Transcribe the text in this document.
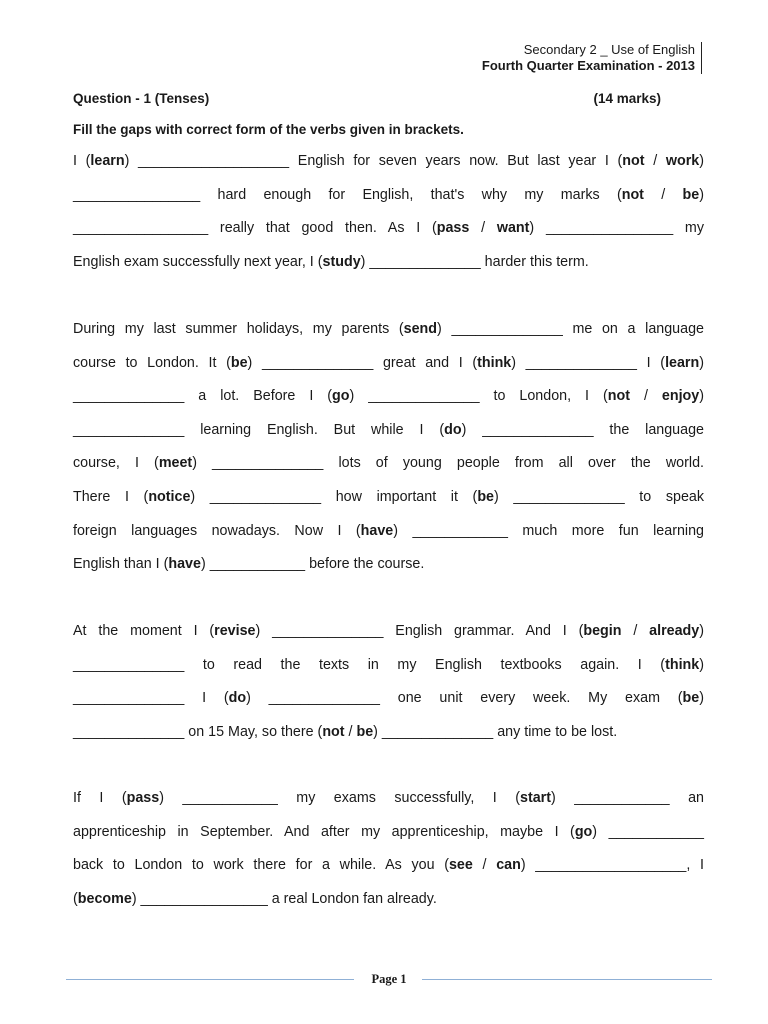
Secondary 2 _ Use of English
Fourth Quarter Examination - 2013
Question - 1 (Tenses)	(14 marks)
Fill the gaps with correct form of the verbs given in brackets.
I (learn) ___________________ English for seven years now. But last year I (not / work)
________________ hard enough for English, that's why my marks (not / be)
_________________ really that good then. As I (pass / want) ________________ my
English exam successfully next year, I (study) ______________ harder this term.
During my last summer holidays, my parents (send) ______________ me on a language
course to London. It (be) ______________ great and I (think) ______________ I (learn)
______________ a lot. Before I (go) ______________ to London, I (not / enjoy)
______________ learning English. But while I (do) ______________ the language
course, I (meet) ______________ lots of young people from all over the world.
There I (notice) ______________ how important it (be) ______________ to speak
foreign languages nowadays. Now I (have) ____________ much more fun learning
English than I (have) ____________ before the course.
At the moment I (revise) ______________ English grammar. And I (begin / already)
______________ to read the texts in my English textbooks again. I (think)
______________ I (do) ______________ one unit every week. My exam (be)
______________ on 15 May, so there (not / be) ______________ any time to be lost.
If I (pass) ____________ my exams successfully, I (start) ____________ an
apprenticeship in September. And after my apprenticeship, maybe I (go) ____________
back to London to work there for a while. As you (see / can) ___________________, I
(become) ________________ a real London fan already.
Page 1
